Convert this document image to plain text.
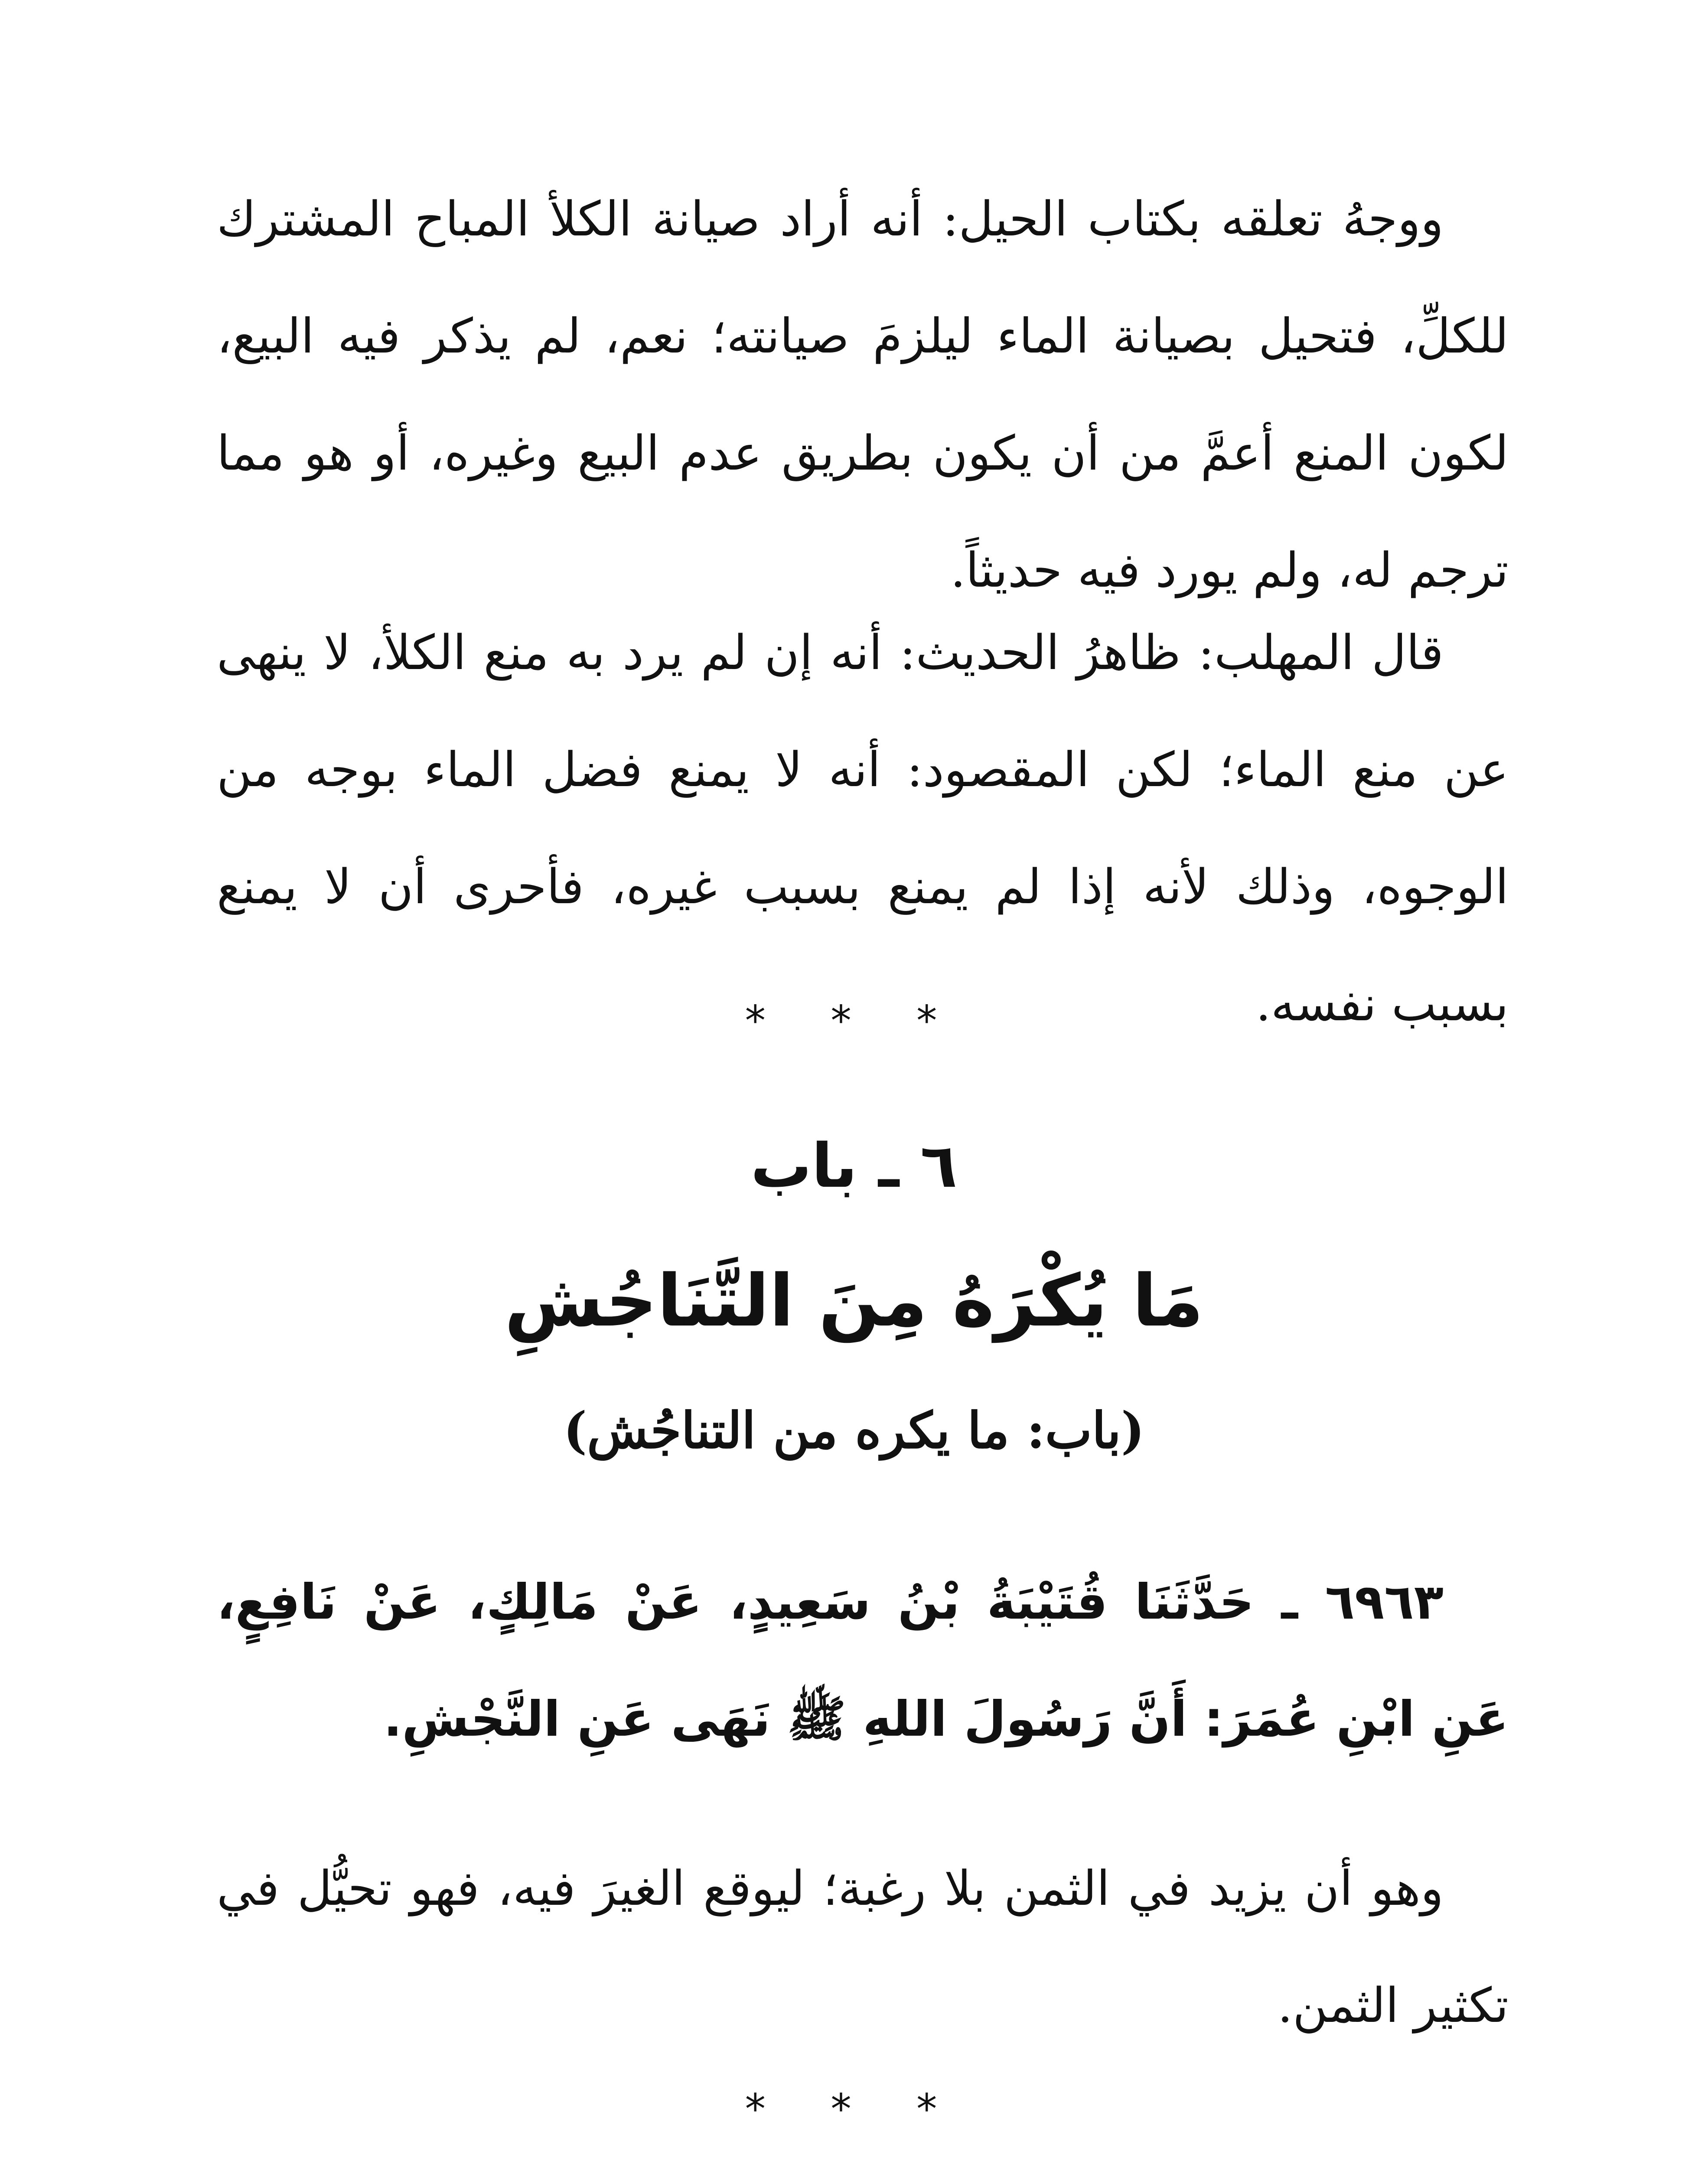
ووجهُ تعلقه بكتاب الحيل: أنه أراد صيانة الكلأ المباح المشترك للكلِّ، فتحيل بصيانة الماء ليلزمَ صيانته؛ نعم، لم يذكر فيه البيع، لكون المنع أعمَّ من أن يكون بطريق عدم البيع وغيره، أو هو مما ترجم له، ولم يورد فيه حديثاً.

قال المهلب: ظاهرُ الحديث: أنه إن لم يرد به منع الكلأ، لا ينهى عن منع الماء؛ لكن المقصود: أنه لا يمنع فضل الماء بوجه من الوجوه، وذلك لأنه إذا لم يمنع بسبب غيره، فأحرى أن لا يمنع بسبب نفسه.

* * *
٦ ـ باب
مَا يُكْرَهُ مِنَ التَّنَاجُشِ
(باب: ما يكره من التناجُش)

٦٩٦٣ ـ حَدَّثَنَا قُتَيْبَةُ بْنُ سَعِيدٍ، عَنْ مَالِكٍ، عَنْ نَافِعٍ، عَنِ ابْنِ عُمَرَ: أَنَّ رَسُولَ اللهِ ﷺ نَهَى عَنِ النَّجْشِ.

وهو أن يزيد في الثمن بلا رغبة؛ ليوقع الغيرَ فيه، فهو تحيُّل في تكثير الثمن.

* * *
